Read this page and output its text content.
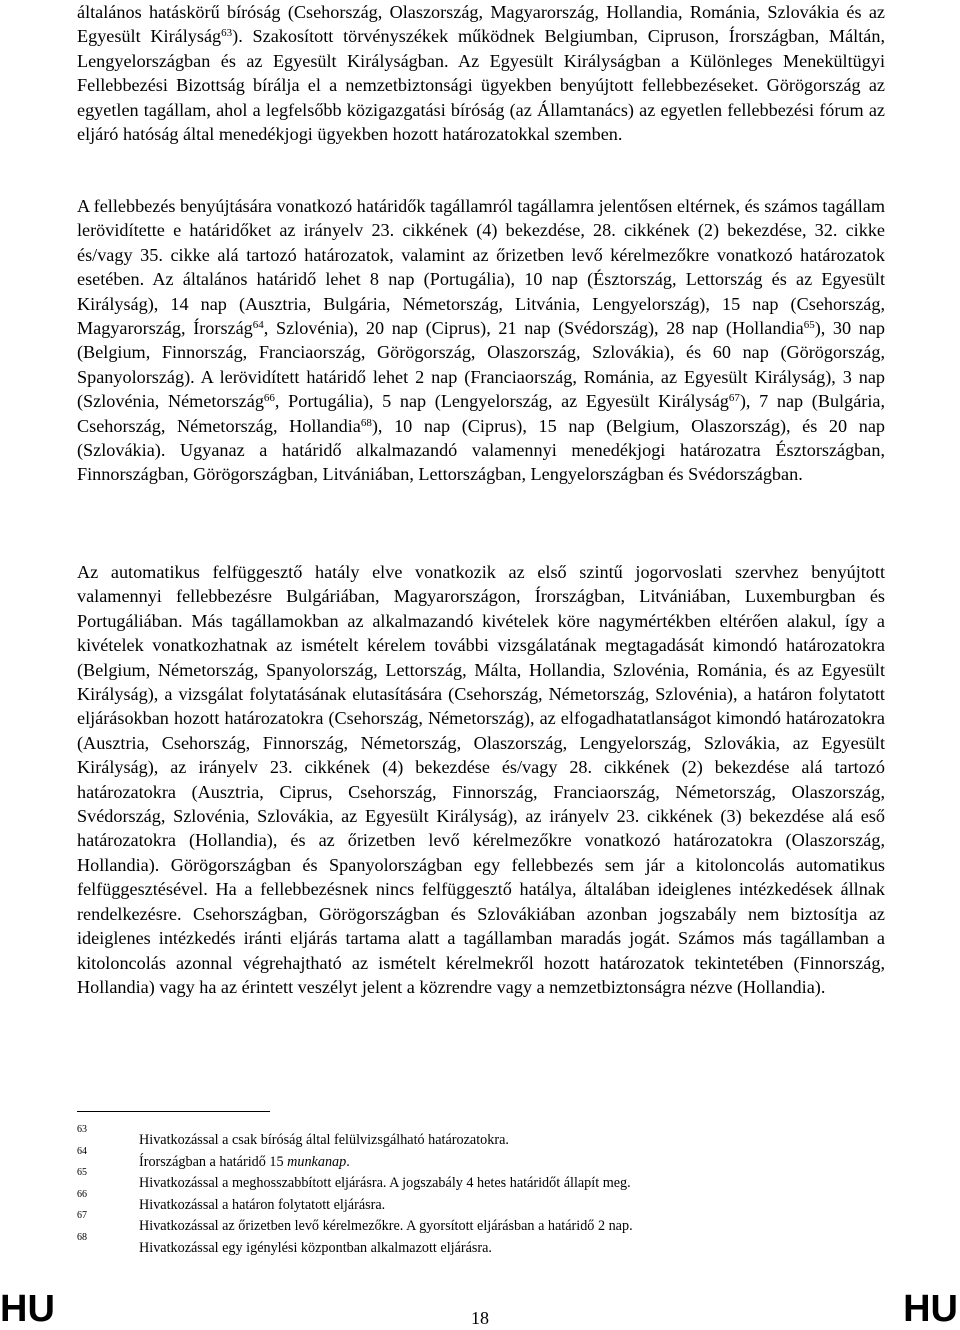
általános hatáskörű bíróság (Csehország, Olaszország, Magyarország, Hollandia, Románia, Szlovákia és az Egyesült Királyság$^{63}$). Szakosított törvényszékek működnek Belgiumban, Cipruson, Írországban, Máltán, Lengyelországban és az Egyesült Királyságban. Az Egyesült Királyságban a Különleges Menekültügyi Fellebbezési Bizottság bírálja el a nemzetbiztonsági ügyekben benyújtott fellebbezéseket. Görögország az egyetlen tagállam, ahol a legfelsőbb közigazgatási bíróság (az Államtanács) az egyetlen fellebbezési fórum az eljáró hatóság által menedékjogi ügyekben hozott határozatokkal szemben.

A fellebbezés benyújtására vonatkozó határidők tagállamról tagállamra jelentősen eltérnek, és számos tagállam lerövidítette e határidőket az irányelv 23. cikkének (4) bekezdése, 28. cikkének (2) bekezdése, 32. cikke és/vagy 35. cikke alá tartozó határozatok, valamint az őrizetben levő kérelmezőkre vonatkozó határozatok esetében. Az általános határidő lehet 8 nap (Portugália), 10 nap (Észtország, Lettország és az Egyesült Királyság), 14 nap (Ausztria, Bulgária, Németország, Litvánia, Lengyelország), 15 nap (Csehország, Magyarország, Írország$^{64}$, Szlovénia), 20 nap (Ciprus), 21 nap (Svédország), 28 nap (Hollandia$^{65}$), 30 nap (Belgium, Finnország, Franciaország, Görögország, Olaszország, Szlovákia), és 60 nap (Görögország, Spanyolország). A lerövidített határidő lehet 2 nap (Franciaország, Románia, az Egyesült Királyság), 3 nap (Szlovénia, Németország$^{66}$, Portugália), 5 nap (Lengyelország, az Egyesült Királyság$^{67}$), 7 nap (Bulgária, Csehország, Németország, Hollandia$^{68}$), 10 nap (Ciprus), 15 nap (Belgium, Olaszország), és 20 nap (Szlovákia). Ugyanaz a határidő alkalmazandó valamennyi menedékjogi határozatra Észtországban, Finnországban, Görögországban, Litvániában, Lettországban, Lengyelországban és Svédországban.

Az automatikus felfüggesztő hatály elve vonatkozik az első szintű jogorvoslati szervhez benyújtott valamennyi fellebbezésre Bulgáriában, Magyarországon, Írországban, Litvániában, Luxemburgban és Portugáliában. Más tagállamokban az alkalmazandó kivételek köre nagymértékben eltérően alakul, így a kivételek vonatkozhatnak az ismételt kérelem további vizsgálatának megtagadását kimondó határozatokra (Belgium, Németország, Spanyolország, Lettország, Málta, Hollandia, Szlovénia, Románia, és az Egyesült Királyság), a vizsgálat folytatásának elutasítására (Csehország, Németország, Szlovénia), a határon folytatott eljárásokban hozott határozatokra (Csehország, Németország), az elfogadhatatlanságot kimondó határozatokra (Ausztria, Csehország, Finnország, Németország, Olaszország, Lengyelország, Szlovákia, az Egyesült Királyság), az irányelv 23. cikkének (4) bekezdése és/vagy 28. cikkének (2) bekezdése alá tartozó határozatokra (Ausztria, Ciprus, Csehország, Finnország, Franciaország, Németország, Olaszország, Svédország, Szlovénia, Szlovákia, az Egyesült Királyság), az irányelv 23. cikkének (3) bekezdése alá eső határozatokra (Hollandia), és az őrizetben levő kérelmezőkre vonatkozó határozatokra (Olaszország, Hollandia). Görögországban és Spanyolországban egy fellebbezés sem jár a kitoloncolás automatikus felfüggesztésével. Ha a fellebbezésnek nincs felfüggesztő hatálya, általában ideiglenes intézkedések állnak rendelkezésre. Csehországban, Görögországban és Szlovákiában azonban jogszabály nem biztosítja az ideiglenes intézkedés iránti eljárás tartama alatt a tagállamban maradás jogát. Számos más tagállamban a kitoloncolás azonnal végrehajtható az ismételt kérelmekről hozott határozatok tekintetében (Finnország, Hollandia) vagy ha az érintett veszélyt jelent a közrendre vagy a nemzetbiztonságra nézve (Hollandia).

63
Hivatkozással a csak bíróság által felülvizsgálható határozatokra.
64
Írországban a határidő 15 munkanap.
65
Hivatkozással a meghosszabbított eljárásra. A jogszabály 4 hetes határidőt állapít meg.
66
Hivatkozással a határon folytatott eljárásra.
67
Hivatkozással az őrizetben levő kérelmezőkre. A gyorsított eljárásban a határidő 2 nap.
68
Hivatkozással egy igénylési központban alkalmazott eljárásra.
HU	18	HU
